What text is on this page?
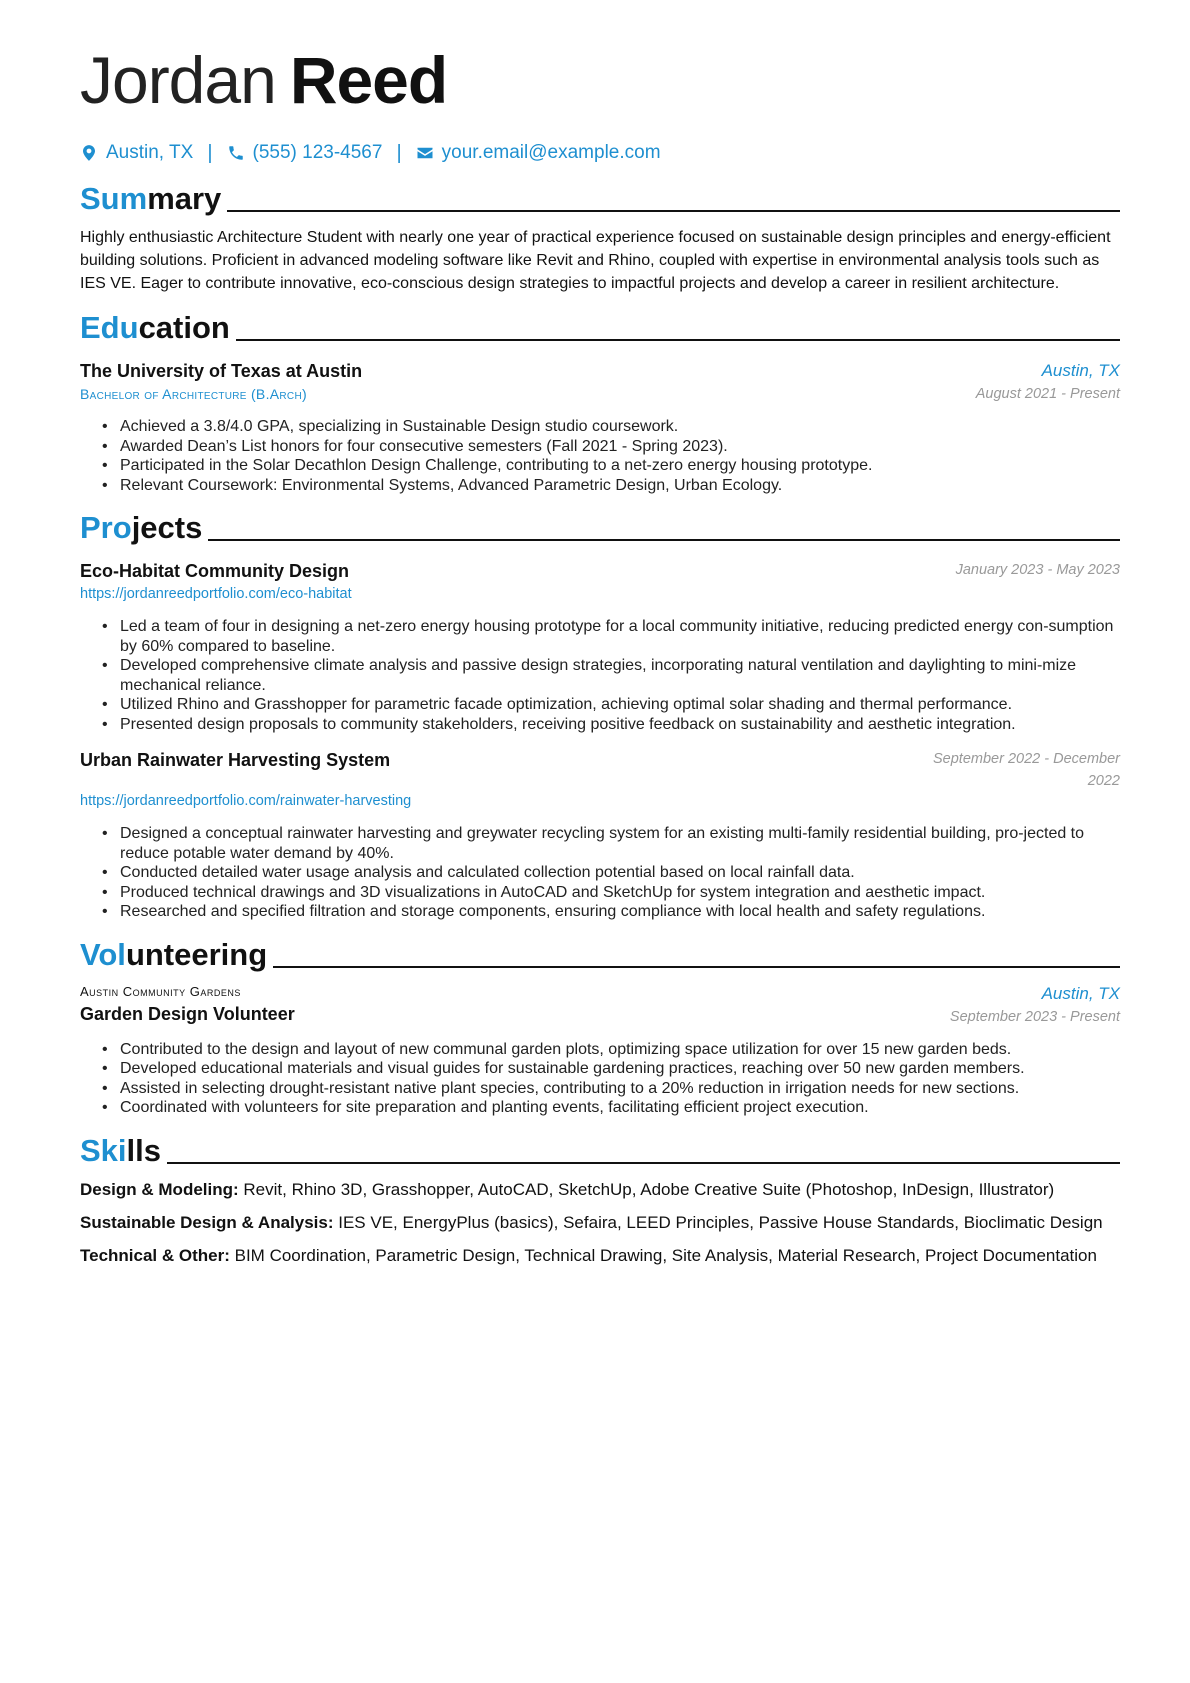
Jordan Reed
Austin, TX | (555) 123-4567 | your.email@example.com
Summary
Highly enthusiastic Architecture Student with nearly one year of practical experience focused on sustainable design principles and energy-efficient building solutions. Proficient in advanced modeling software like Revit and Rhino, coupled with expertise in environmental analysis tools such as IES VE. Eager to contribute innovative, eco-conscious design strategies to impactful projects and develop a career in resilient architecture.
Education
The University of Texas at Austin
Bachelor of Architecture (B.Arch)
Austin, TX
August 2021 - Present
• Achieved a 3.8/4.0 GPA, specializing in Sustainable Design studio coursework.
• Awarded Dean’s List honors for four consecutive semesters (Fall 2021 - Spring 2023).
• Participated in the Solar Decathlon Design Challenge, contributing to a net-zero energy housing prototype.
• Relevant Coursework: Environmental Systems, Advanced Parametric Design, Urban Ecology.
Projects
Eco-Habitat Community Design
https://jordanreedportfolio.com/eco-habitat
January 2023 - May 2023
• Led a team of four in designing a net-zero energy housing prototype for a local community initiative, reducing predicted energy con-sumption by 60% compared to baseline.
• Developed comprehensive climate analysis and passive design strategies, incorporating natural ventilation and daylighting to mini-mize mechanical reliance.
• Utilized Rhino and Grasshopper for parametric facade optimization, achieving optimal solar shading and thermal performance.
• Presented design proposals to community stakeholders, receiving positive feedback on sustainability and aesthetic integration.
Urban Rainwater Harvesting System
https://jordanreedportfolio.com/rainwater-harvesting
September 2022 - December
2022
• Designed a conceptual rainwater harvesting and greywater recycling system for an existing multi-family residential building, pro-jected to reduce potable water demand by 40%.
• Conducted detailed water usage analysis and calculated collection potential based on local rainfall data.
• Produced technical drawings and 3D visualizations in AutoCAD and SketchUp for system integration and aesthetic impact.
• Researched and specified filtration and storage components, ensuring compliance with local health and safety regulations.
Volunteering
Austin Community Gardens
Garden Design Volunteer
Austin, TX
September 2023 - Present
• Contributed to the design and layout of new communal garden plots, optimizing space utilization for over 15 new garden beds.
• Developed educational materials and visual guides for sustainable gardening practices, reaching over 50 new garden members.
• Assisted in selecting drought-resistant native plant species, contributing to a 20% reduction in irrigation needs for new sections.
• Coordinated with volunteers for site preparation and planting events, facilitating efficient project execution.
Skills
Design & Modeling: Revit, Rhino 3D, Grasshopper, AutoCAD, SketchUp, Adobe Creative Suite (Photoshop, InDesign, Illustrator)
Sustainable Design & Analysis: IES VE, EnergyPlus (basics), Sefaira, LEED Principles, Passive House Standards, Bioclimatic Design
Technical & Other: BIM Coordination, Parametric Design, Technical Drawing, Site Analysis, Material Research, Project Documentation
